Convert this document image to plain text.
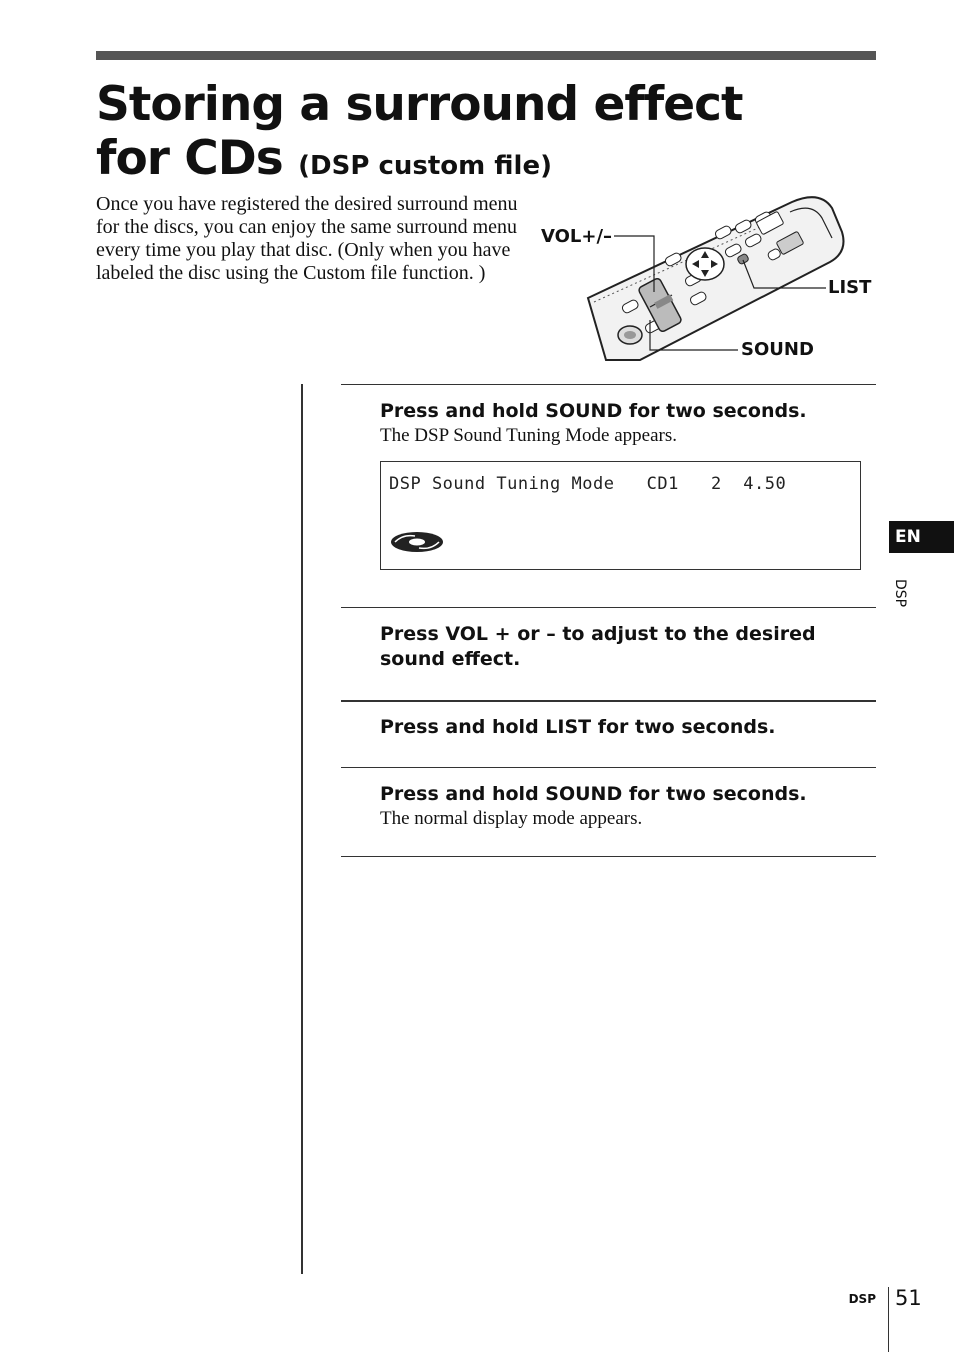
Storing a surround effect
for CDs (DSP custom file)

Once you have registered the desired surround menu for the discs, you can enjoy the same surround menu every time you play that disc. (Only when you have labeled the disc using the Custom file function. )

VOL+/–
LIST
SOUND

Press and hold SOUND for two seconds.

The DSP Sound Tuning Mode appears.

DSP Sound Tuning Mode   CD1   2  4.50

Press VOL + or – to adjust to the desired sound effect.

Press and hold LIST for two seconds.

Press and hold SOUND for two seconds.

The normal display mode appears.

EN
DSP
DSP 51
